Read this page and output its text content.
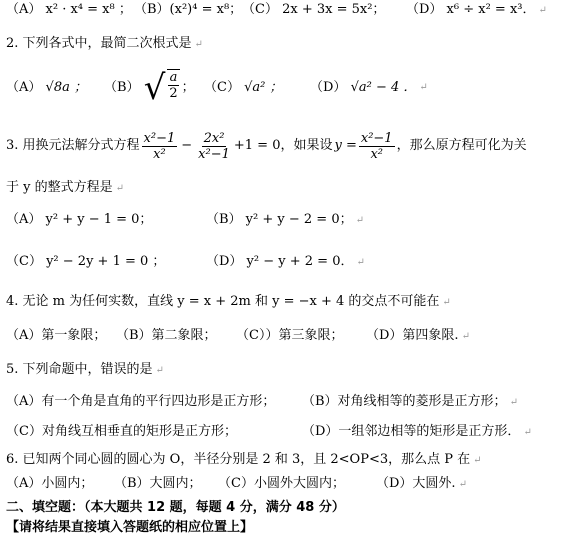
（A） x² · x⁴ = x⁸ ； （B）(x²)⁴ = x⁸；（C） 2x + 3x = 5x²； （D） x⁶ ÷ x² = x³． ↵
2. 下列各式中，最简二次根式是 ↵
（A） √8a ；	（B）
√ $\frac{a}{2}$ ； （C） √a² ；	（D） √a² − 4 ． ↵
3. 用换元法解分式方程 $\frac{\text{x²−1}}{\text{x²}} - \frac{\text{2x²}}{\text{x²−1}} +1 = 0$，如果设 $y = \frac{\text{x²−1}}{\text{x²}}$ ，那么原方程可化为关
于 y 的整式方程是 ↵
（A） y² + y − 1 = 0；	（B） y² + y − 2 = 0； ↵
（C） y² − 2y + 1 = 0 ；	（D） y² − y + 2 = 0． ↵
4. 无论 m 为任何实数，直线 y = x + 2m 和 y = −x + 4 的交点不可能在 ↵
（A）第一象限； （B）第二象限； （C））第三象限； （D）第四象限. ↵
5. 下列命题中，错误的是 ↵
（A）有一个角是直角的平行四边形是正方形； （B）对角线相等的菱形是正方形； ↵
（C）对角线互相垂直的矩形是正方形；	（D）一组邻边相等的矩形是正方形． ↵
6. 已知两个同心圆的圆心为 O，半径分别是 2 和 3，且 2<OP<3，那么点 P 在 ↵
（A）小圆内； （B）大圆内； （C）小圆外大圆内； （D）大圆外. ↵
二、填空题：（本大题共 12 题，每题 4 分，满分 48 分）
【请将结果直接填入答题纸的相应位置上】
